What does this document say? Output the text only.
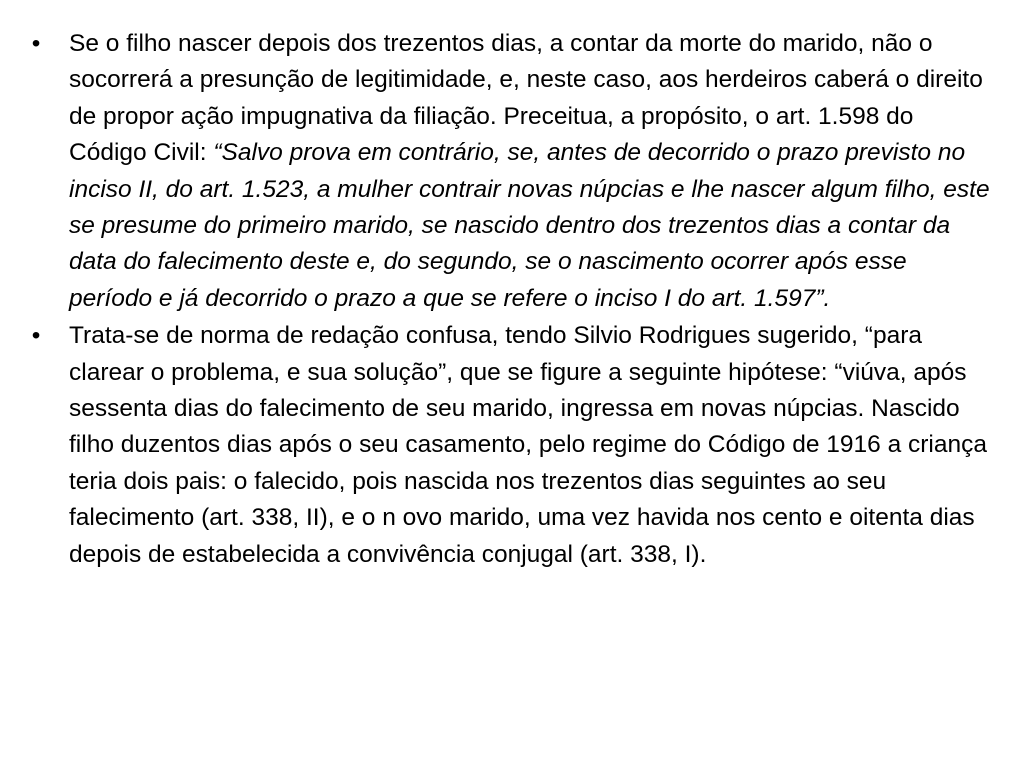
• Se o filho nascer depois dos trezentos dias, a contar da morte do marido, não o socorrerá a presunção de legitimidade, e, neste caso, aos herdeiros caberá o direito de propor ação impugnativa da filiação. Preceitua, a propósito, o art. 1.598 do Código Civil: “Salvo prova em contrário, se, antes de decorrido o prazo previsto no inciso II, do art. 1.523, a mulher contrair novas núpcias e lhe nascer algum filho, este se presume do primeiro marido, se nascido dentro dos trezentos dias a contar da data do falecimento deste e, do segundo, se o nascimento ocorrer após esse período e já decorrido o prazo a que se refere o inciso I do art. 1.597”.
• Trata-se de norma de redação confusa, tendo Silvio Rodrigues sugerido, “para clarear o problema, e sua solução”, que se figure a seguinte hipótese: “viúva, após sessenta dias do falecimento de seu marido, ingressa em novas núpcias. Nascido filho duzentos dias após o seu casamento, pelo regime do Código de 1916 a criança teria dois pais: o falecido, pois nascida nos trezentos dias seguintes ao seu falecimento (art. 338, II), e o n ovo marido, uma vez havida nos cento e oitenta dias depois de estabelecida a convivência conjugal (art. 338, I).
